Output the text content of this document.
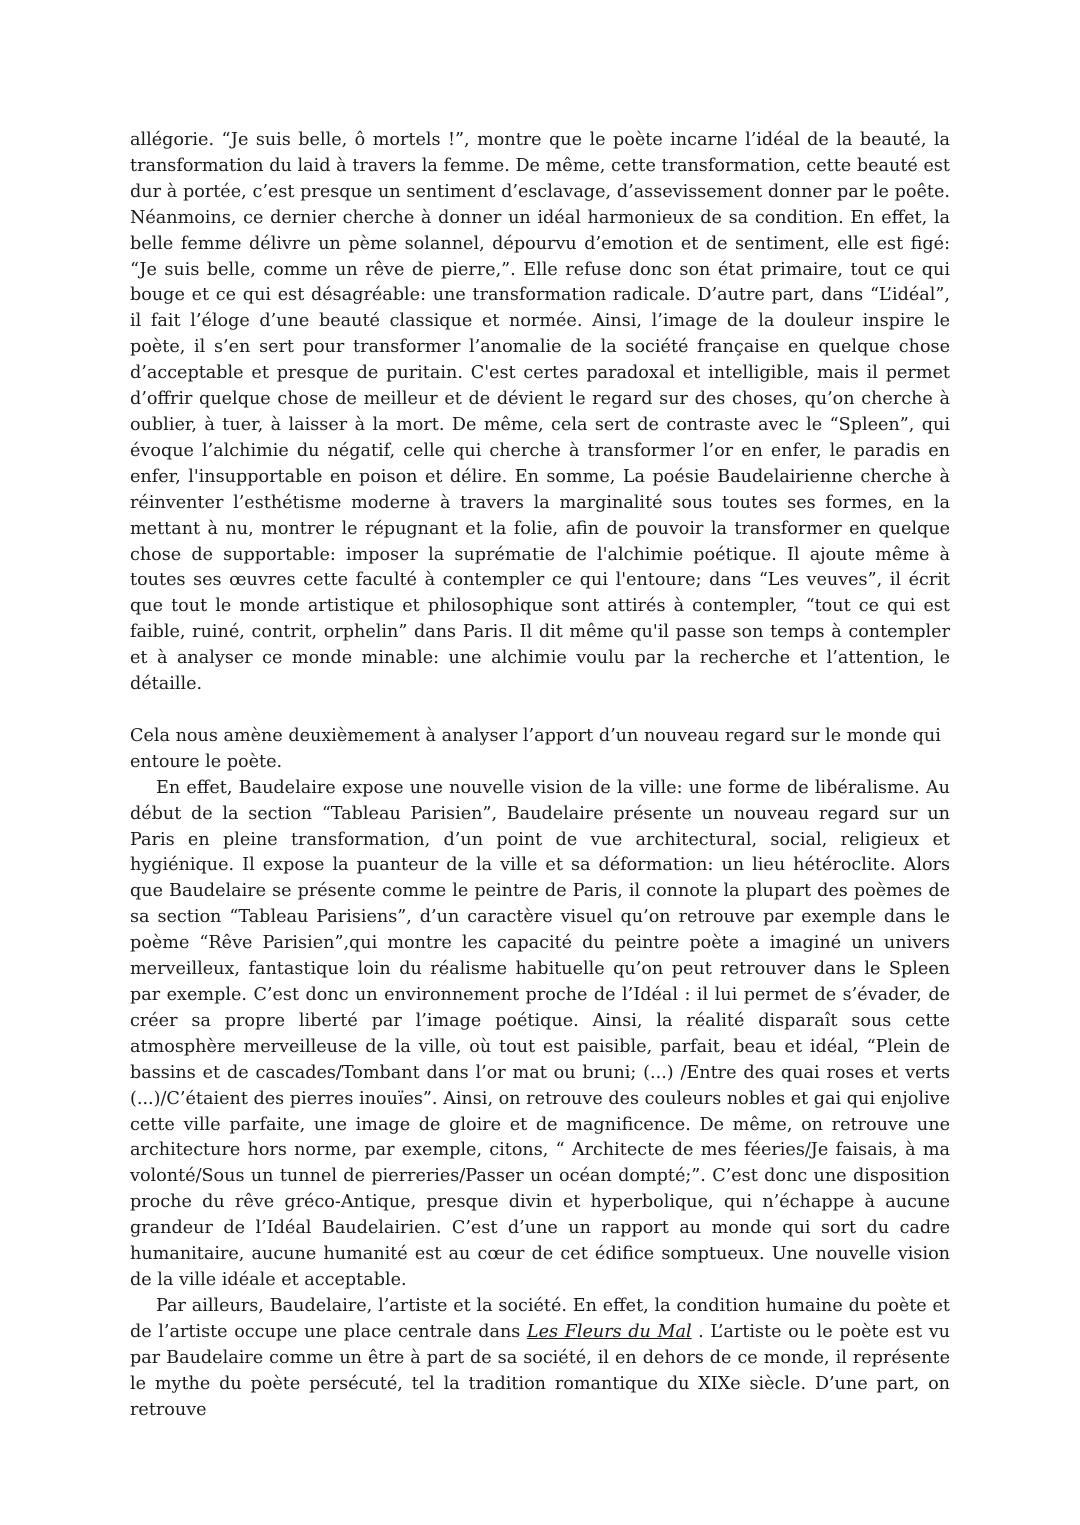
allégorie. “Je suis belle, ô mortels !”, montre que le poète incarne l’idéal de la beauté, la transformation du laid à travers la femme. De même, cette transformation, cette beauté est dur à portée, c’est presque un sentiment d’esclavage, d’assevissement donner par le poête. Néanmoins, ce dernier cherche à donner un idéal harmonieux de sa condition. En effet, la belle femme délivre un pème solannel, dépourvu d’emotion et de sentiment, elle est figé: “Je suis belle, comme un rêve de pierre,”. Elle refuse donc son état primaire, tout ce qui bouge et ce qui est désagréable: une transformation radicale. D’autre part, dans “L’idéal”, il fait l’éloge d’une beauté classique et normée. Ainsi, l’image de la douleur inspire le poète, il s’en sert pour transformer l’anomalie de la société française en quelque chose d’acceptable et presque de puritain. C'est certes paradoxal et intelligible, mais il permet d’offrir quelque chose de meilleur et de dévient le regard sur des choses, qu’on cherche à oublier, à tuer, à laisser à la mort. De même, cela sert de contraste avec le “Spleen”, qui évoque l’alchimie du négatif, celle qui cherche à transformer l’or en enfer, le paradis en enfer, l'insupportable en poison et délire. En somme, La poésie Baudelairienne cherche à réinventer l’esthétisme moderne à travers la marginalité sous toutes ses formes, en la mettant à nu, montrer le répugnant et la folie, afin de pouvoir la transformer en quelque chose de supportable: imposer la suprématie de l'alchimie poétique. Il ajoute même à toutes ses œuvres cette faculté à contempler ce qui l'entoure; dans “Les veuves”, il écrit que tout le monde artistique et philosophique sont attirés à contempler, “tout ce qui est faible, ruiné, contrit, orphelin” dans Paris. Il dit même qu'il passe son temps à contempler et à analyser ce monde minable: une alchimie voulu par la recherche et l’attention, le détaille.

Cela nous amène deuxièmement à analyser l’apport d’un nouveau regard sur le monde qui entoure le poète.

En effet, Baudelaire expose une nouvelle vision de la ville: une forme de libéralisme. Au début de la section “Tableau Parisien”, Baudelaire présente un nouveau regard sur un Paris en pleine transformation, d’un point de vue architectural, social, religieux et hygiénique. Il expose la puanteur de la ville et sa déformation: un lieu hétéroclite. Alors que Baudelaire se présente comme le peintre de Paris, il connote la plupart des poèmes de sa section “Tableau Parisiens”, d’un caractère visuel qu’on retrouve par exemple dans le poème “Rêve Parisien”,qui montre les capacité du peintre poète a imaginé un univers merveilleux, fantastique loin du réalisme habituelle qu’on peut retrouver dans le Spleen par exemple. C’est donc un environnement proche de l’Idéal : il lui permet de s’évader, de créer sa propre liberté par l’image poétique. Ainsi, la réalité disparaît sous cette atmosphère merveilleuse de la ville, où tout est paisible, parfait, beau et idéal, “Plein de bassins et de cascades/Tombant dans l’or mat ou bruni; (...) /Entre des quai roses et verts (...)/C’étaient des pierres inouïes”. Ainsi, on retrouve des couleurs nobles et gai qui enjolive cette ville parfaite, une image de gloire et de magnificence. De même, on retrouve une architecture hors norme, par exemple, citons, “ Architecte de mes féeries/Je faisais, à ma volonté/Sous un tunnel de pierreries/Passer un océan dompté;”. C’est donc une disposition proche du rêve gréco-Antique, presque divin et hyperbolique, qui n’échappe à aucune grandeur de l’Idéal Baudelairien. C’est d’une un rapport au monde qui sort du cadre humanitaire, aucune humanité est au cœur de cet édifice somptueux. Une nouvelle vision de la ville idéale et acceptable.

Par ailleurs, Baudelaire, l’artiste et la société. En effet, la condition humaine du poète et de l’artiste occupe une place centrale dans Les Fleurs du Mal . L’artiste ou le poète est vu par Baudelaire comme un être à part de sa société, il en dehors de ce monde, il représente le mythe du poète persécuté, tel la tradition romantique du XIXe siècle. D’une part, on retrouve
